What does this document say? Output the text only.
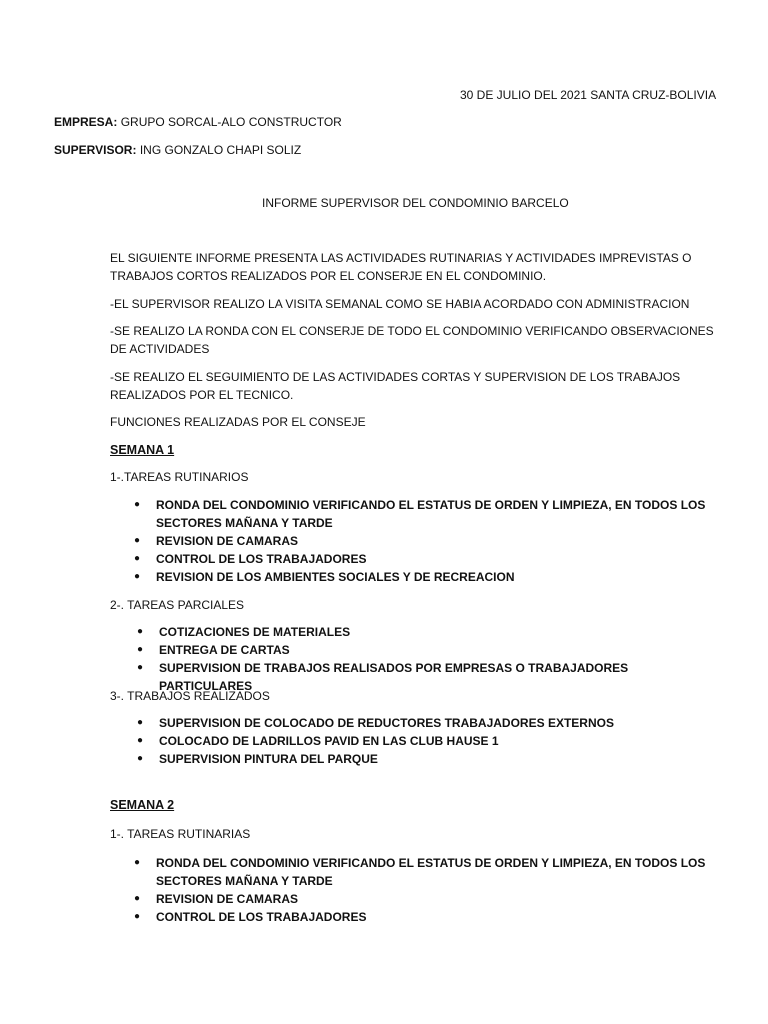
30 DE JULIO DEL 2021 SANTA CRUZ-BOLIVIA
EMPRESA: GRUPO SORCAL-ALO CONSTRUCTOR
SUPERVISOR: ING GONZALO CHAPI SOLIZ
INFORME SUPERVISOR DEL CONDOMINIO BARCELO
EL SIGUIENTE INFORME PRESENTA LAS ACTIVIDADES RUTINARIAS Y ACTIVIDADES IMPREVISTAS O TRABAJOS CORTOS REALIZADOS POR EL CONSERJE EN EL CONDOMINIO.
-EL SUPERVISOR REALIZO LA VISITA SEMANAL COMO SE HABIA ACORDADO CON ADMINISTRACION
-SE REALIZO LA RONDA CON EL CONSERJE DE TODO EL CONDOMINIO VERIFICANDO OBSERVACIONES DE ACTIVIDADES
-SE REALIZO EL SEGUIMIENTO DE LAS ACTIVIDADES CORTAS Y SUPERVISION DE LOS TRABAJOS REALIZADOS POR EL TECNICO.
FUNCIONES REALIZADAS POR EL CONSEJE
SEMANA 1
1-.TAREAS RUTINARIOS
● RONDA DEL CONDOMINIO VERIFICANDO EL ESTATUS DE ORDEN Y LIMPIEZA, EN TODOS LOS SECTORES MAÑANA Y TARDE
● REVISION DE CAMARAS
● CONTROL DE LOS TRABAJADORES
● REVISION DE LOS AMBIENTES SOCIALES Y DE RECREACION
2-. TAREAS PARCIALES
● COTIZACIONES DE MATERIALES
● ENTREGA DE CARTAS
● SUPERVISION DE TRABAJOS REALISADOS POR EMPRESAS O TRABAJADORES PARTICULARES
3-. TRABAJOS REALIZADOS
● SUPERVISION DE COLOCADO DE REDUCTORES TRABAJADORES EXTERNOS
● COLOCADO DE LADRILLOS PAVID EN LAS CLUB HAUSE 1
● SUPERVISION PINTURA DEL PARQUE
SEMANA 2
1-. TAREAS RUTINARIAS
● RONDA DEL CONDOMINIO VERIFICANDO EL ESTATUS DE ORDEN Y LIMPIEZA, EN TODOS LOS SECTORES MAÑANA Y TARDE
● REVISION DE CAMARAS
● CONTROL DE LOS TRABAJADORES
